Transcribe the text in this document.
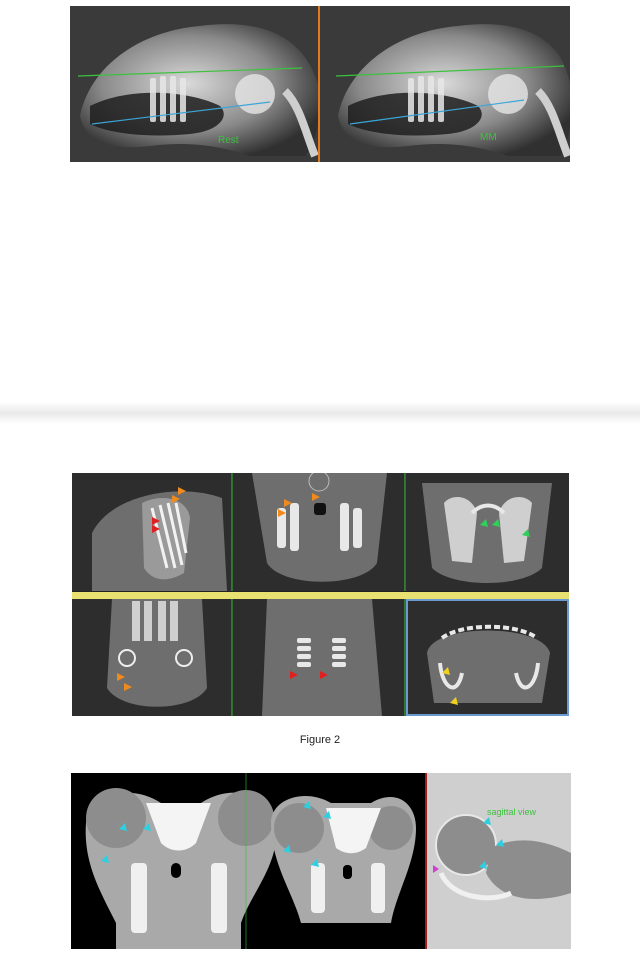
Rest	MM
Figure 2
sagittal view
